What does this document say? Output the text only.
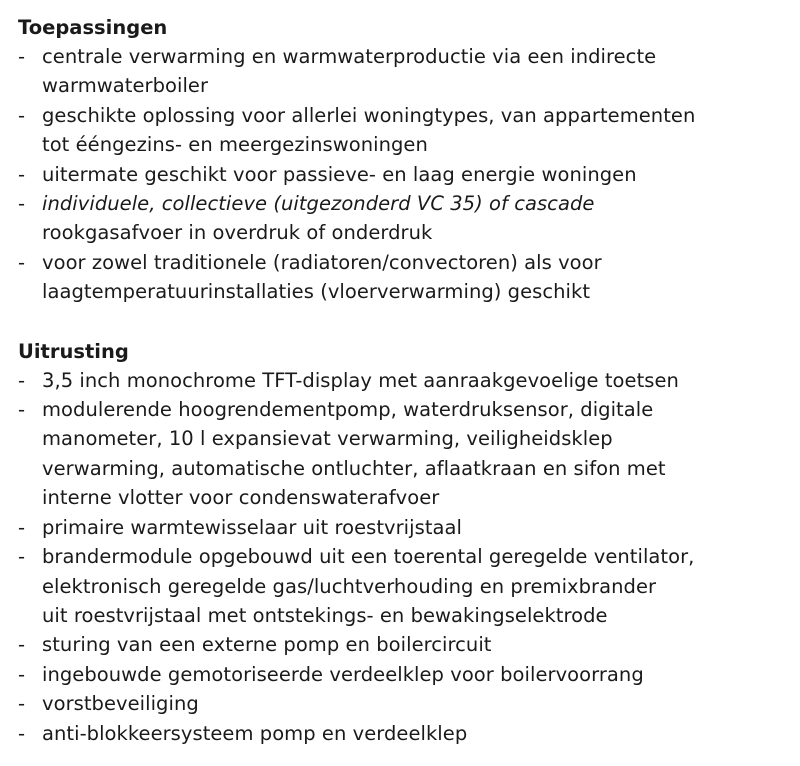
Toepassingen
- centrale verwarming en warmwaterproductie via een indirecte
warmwaterboiler
- geschikte oplossing voor allerlei woningtypes, van appartementen
tot ééngezins- en meergezinswoningen
- uitermate geschikt voor passieve- en laag energie woningen
- individuele, collectieve (uitgezonderd VC 35) of cascade
rookgasafvoer in overdruk of onderdruk
- voor zowel traditionele (radiatoren/convectoren) als voor
laagtemperatuurinstallaties (vloerverwarming) geschikt
Uitrusting
- 3,5 inch monochrome TFT-display met aanraakgevoelige toetsen
- modulerende hoogrendementpomp, waterdruksensor, digitale
manometer, 10 l expansievat verwarming, veiligheidsklep
verwarming, automatische ontluchter, aflaatkraan en sifon met
interne vlotter voor condenswaterafvoer
- primaire warmtewisselaar uit roestvrijstaal
- brandermodule opgebouwd uit een toerental geregelde ventilator,
elektronisch geregelde gas/luchtverhouding en premixbrander
uit roestvrijstaal met ontstekings- en bewakingselektrode
- sturing van een externe pomp en boilercircuit
- ingebouwde gemotoriseerde verdeelklep voor boilervoorrang
- vorstbeveiliging
- anti-blokkeersysteem pomp en verdeelklep
